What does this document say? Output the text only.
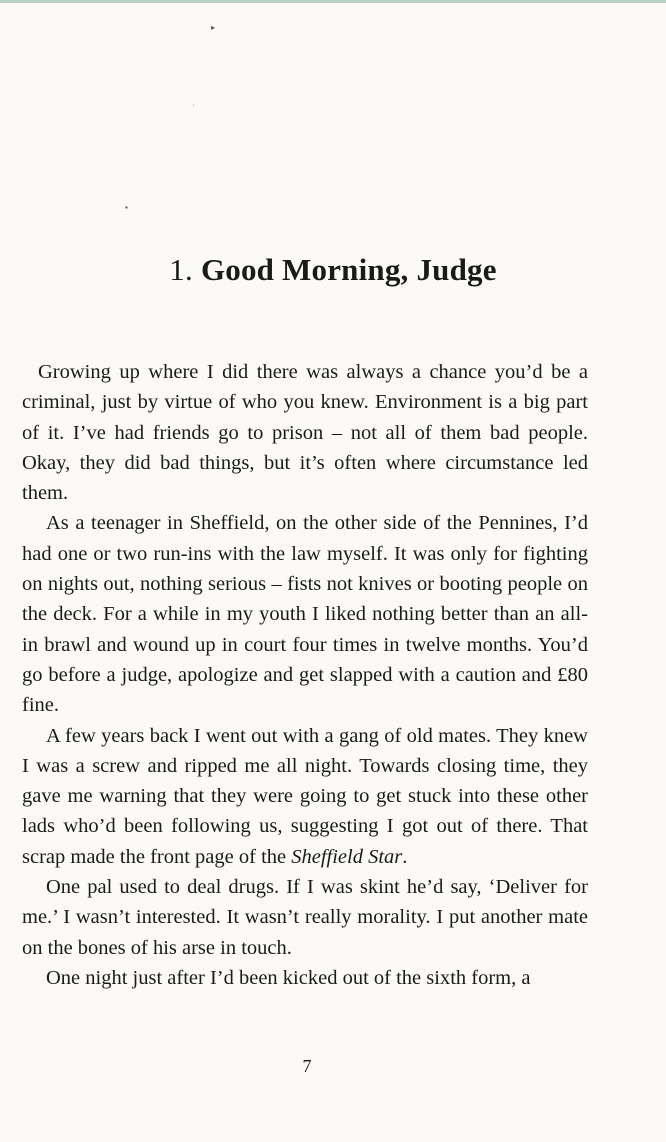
▸
˙
▪
1. Good Morning, Judge

Growing up where I did there was always a chance you’d be a criminal, just by virtue of who you knew. Environment is a big part of it. I’ve had friends go to prison – not all of them bad people. Okay, they did bad things, but it’s often where circumstance led them.

As a teenager in Sheffield, on the other side of the Pennines, I’d had one or two run-ins with the law myself. It was only for fighting on nights out, nothing serious – fists not knives or booting people on the deck. For a while in my youth I liked nothing better than an all-in brawl and wound up in court four times in twelve months. You’d go before a judge, apologize and get slapped with a caution and £80 fine.

A few years back I went out with a gang of old mates. They knew I was a screw and ripped me all night. Towards closing time, they gave me warning that they were going to get stuck into these other lads who’d been following us, suggesting I got out of there. That scrap made the front page of the Sheffield Star.

One pal used to deal drugs. If I was skint he’d say, ‘Deliver for me.’ I wasn’t interested. It wasn’t really morality. I put another mate on the bones of his arse in touch.

One night just after I’d been kicked out of the sixth form, a

7
